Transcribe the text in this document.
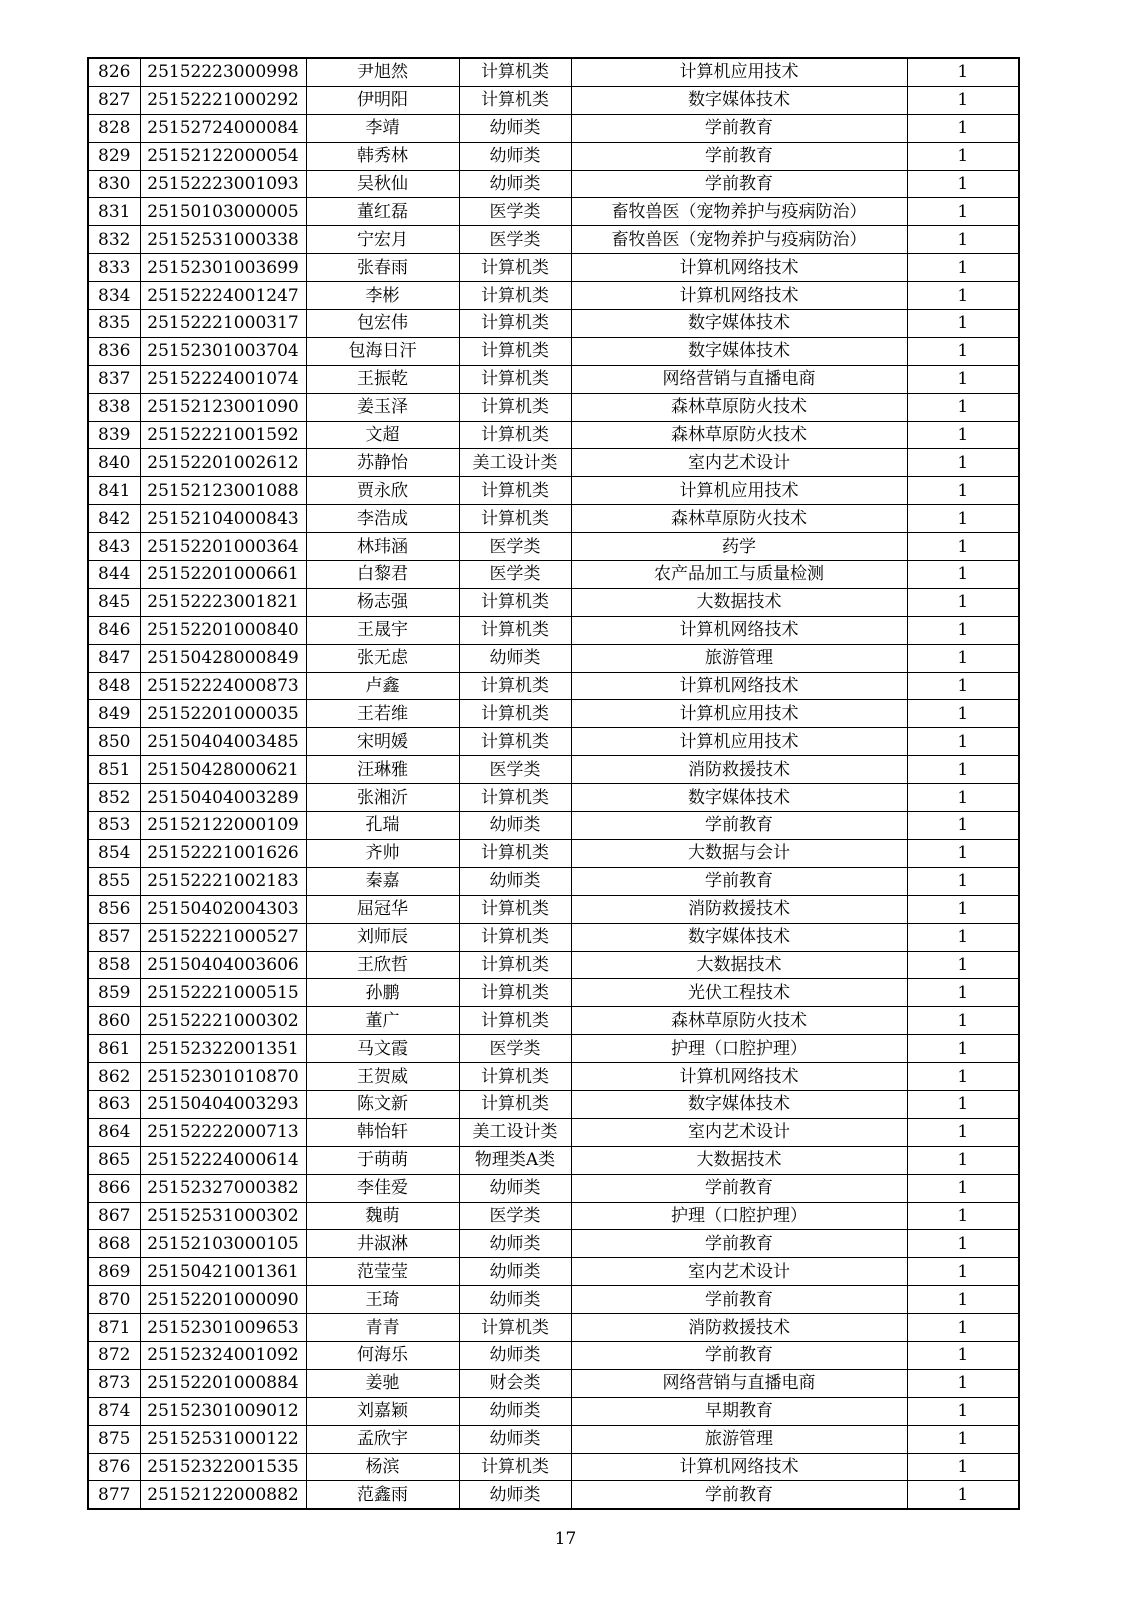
826	25152223000998	尹旭然	计算机类	计算机应用技术	1
827	25152221000292	伊明阳	计算机类	数字媒体技术	1
828	25152724000084	李靖	幼师类	学前教育	1
829	25152122000054	韩秀林	幼师类	学前教育	1
830	25152223001093	吴秋仙	幼师类	学前教育	1
831	25150103000005	董红磊	医学类	畜牧兽医（宠物养护与疫病防治）	1
832	25152531000338	宁宏月	医学类	畜牧兽医（宠物养护与疫病防治）	1
833	25152301003699	张春雨	计算机类	计算机网络技术	1
834	25152224001247	李彬	计算机类	计算机网络技术	1
835	25152221000317	包宏伟	计算机类	数字媒体技术	1
836	25152301003704	包海日汗	计算机类	数字媒体技术	1
837	25152224001074	王振乾	计算机类	网络营销与直播电商	1
838	25152123001090	姜玉泽	计算机类	森林草原防火技术	1
839	25152221001592	文超	计算机类	森林草原防火技术	1
840	25152201002612	苏静怡	美工设计类	室内艺术设计	1
841	25152123001088	贾永欣	计算机类	计算机应用技术	1
842	25152104000843	李浩成	计算机类	森林草原防火技术	1
843	25152201000364	林玮涵	医学类	药学	1
844	25152201000661	白黎君	医学类	农产品加工与质量检测	1
845	25152223001821	杨志强	计算机类	大数据技术	1
846	25152201000840	王晟宇	计算机类	计算机网络技术	1
847	25150428000849	张无虑	幼师类	旅游管理	1
848	25152224000873	卢鑫	计算机类	计算机网络技术	1
849	25152201000035	王若维	计算机类	计算机应用技术	1
850	25150404003485	宋明媛	计算机类	计算机应用技术	1
851	25150428000621	汪琳雅	医学类	消防救援技术	1
852	25150404003289	张湘沂	计算机类	数字媒体技术	1
853	25152122000109	孔瑞	幼师类	学前教育	1
854	25152221001626	齐帅	计算机类	大数据与会计	1
855	25152221002183	秦嘉	幼师类	学前教育	1
856	25150402004303	屈冠华	计算机类	消防救援技术	1
857	25152221000527	刘师辰	计算机类	数字媒体技术	1
858	25150404003606	王欣哲	计算机类	大数据技术	1
859	25152221000515	孙鹏	计算机类	光伏工程技术	1
860	25152221000302	董广	计算机类	森林草原防火技术	1
861	25152322001351	马文霞	医学类	护理（口腔护理）	1
862	25152301010870	王贺威	计算机类	计算机网络技术	1
863	25150404003293	陈文新	计算机类	数字媒体技术	1
864	25152222000713	韩怡轩	美工设计类	室内艺术设计	1
865	25152224000614	于萌萌	物理类A类	大数据技术	1
866	25152327000382	李佳爱	幼师类	学前教育	1
867	25152531000302	魏萌	医学类	护理（口腔护理）	1
868	25152103000105	井淑淋	幼师类	学前教育	1
869	25150421001361	范莹莹	幼师类	室内艺术设计	1
870	25152201000090	王琦	幼师类	学前教育	1
871	25152301009653	青青	计算机类	消防救援技术	1
872	25152324001092	何海乐	幼师类	学前教育	1
873	25152201000884	姜驰	财会类	网络营销与直播电商	1
874	25152301009012	刘嘉颖	幼师类	早期教育	1
875	25152531000122	孟欣宇	幼师类	旅游管理	1
876	25152322001535	杨滨	计算机类	计算机网络技术	1
877	25152122000882	范鑫雨	幼师类	学前教育	1
17
